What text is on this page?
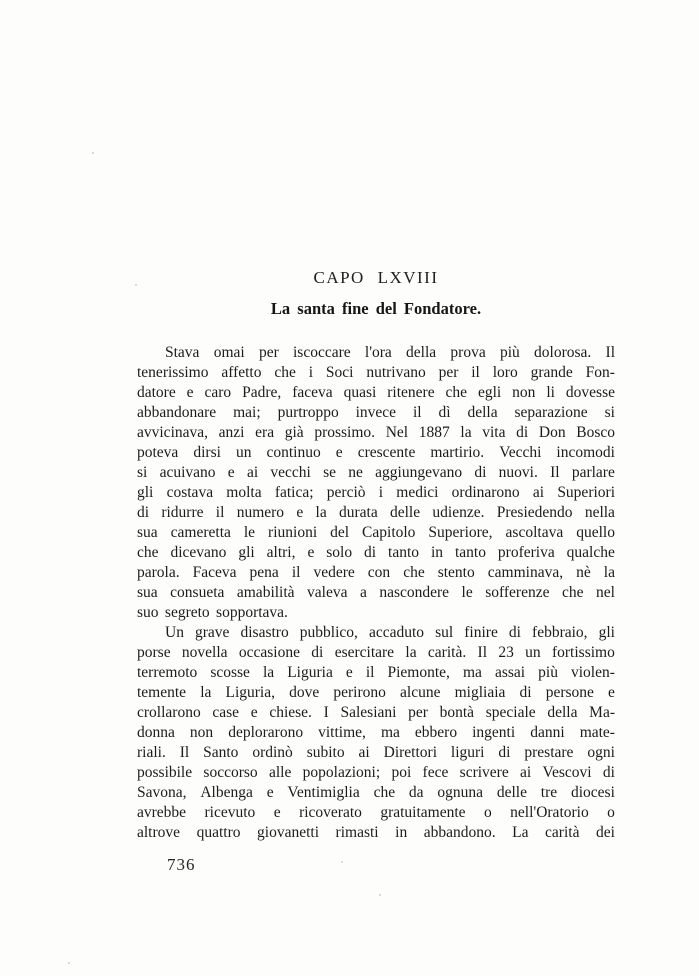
CAPO LXVIII
La santa fine del Fondatore.
Stava omai per iscoccare l'ora della prova più dolorosa. Il
tenerissimo affetto che i Soci nutrivano per il loro grande Fon-
datore e caro Padre, faceva quasi ritenere che egli non li dovesse
abbandonare mai; purtroppo invece il dì della separazione si
avvicinava, anzi era già prossimo. Nel 1887 la vita di Don Bosco
poteva dirsi un continuo e crescente martirio. Vecchi incomodi
si acuivano e ai vecchi se ne aggiungevano di nuovi. Il parlare
gli costava molta fatica; perciò i medici ordinarono ai Superiori
di ridurre il numero e la durata delle udienze. Presiedendo nella
sua cameretta le riunioni del Capitolo Superiore, ascoltava quello
che dicevano gli altri, e solo di tanto in tanto proferiva qualche
parola. Faceva pena il vedere con che stento camminava, nè la
sua consueta amabilità valeva a nascondere le sofferenze che nel
suo segreto sopportava.
Un grave disastro pubblico, accaduto sul finire di febbraio, gli
porse novella occasione di esercitare la carità. Il 23 un fortissimo
terremoto scosse la Liguria e il Piemonte, ma assai più violen-
temente la Liguria, dove perirono alcune migliaia di persone e
crollarono case e chiese. I Salesiani per bontà speciale della Ma-
donna non deplorarono vittime, ma ebbero ingenti danni mate-
riali. Il Santo ordinò subito ai Direttori liguri di prestare ogni
possibile soccorso alle popolazioni; poi fece scrivere ai Vescovi di
Savona, Albenga e Ventimiglia che da ognuna delle tre diocesi
avrebbe ricevuto e ricoverato gratuitamente o nell'Oratorio o
altrove quattro giovanetti rimasti in abbandono. La carità dei
736
